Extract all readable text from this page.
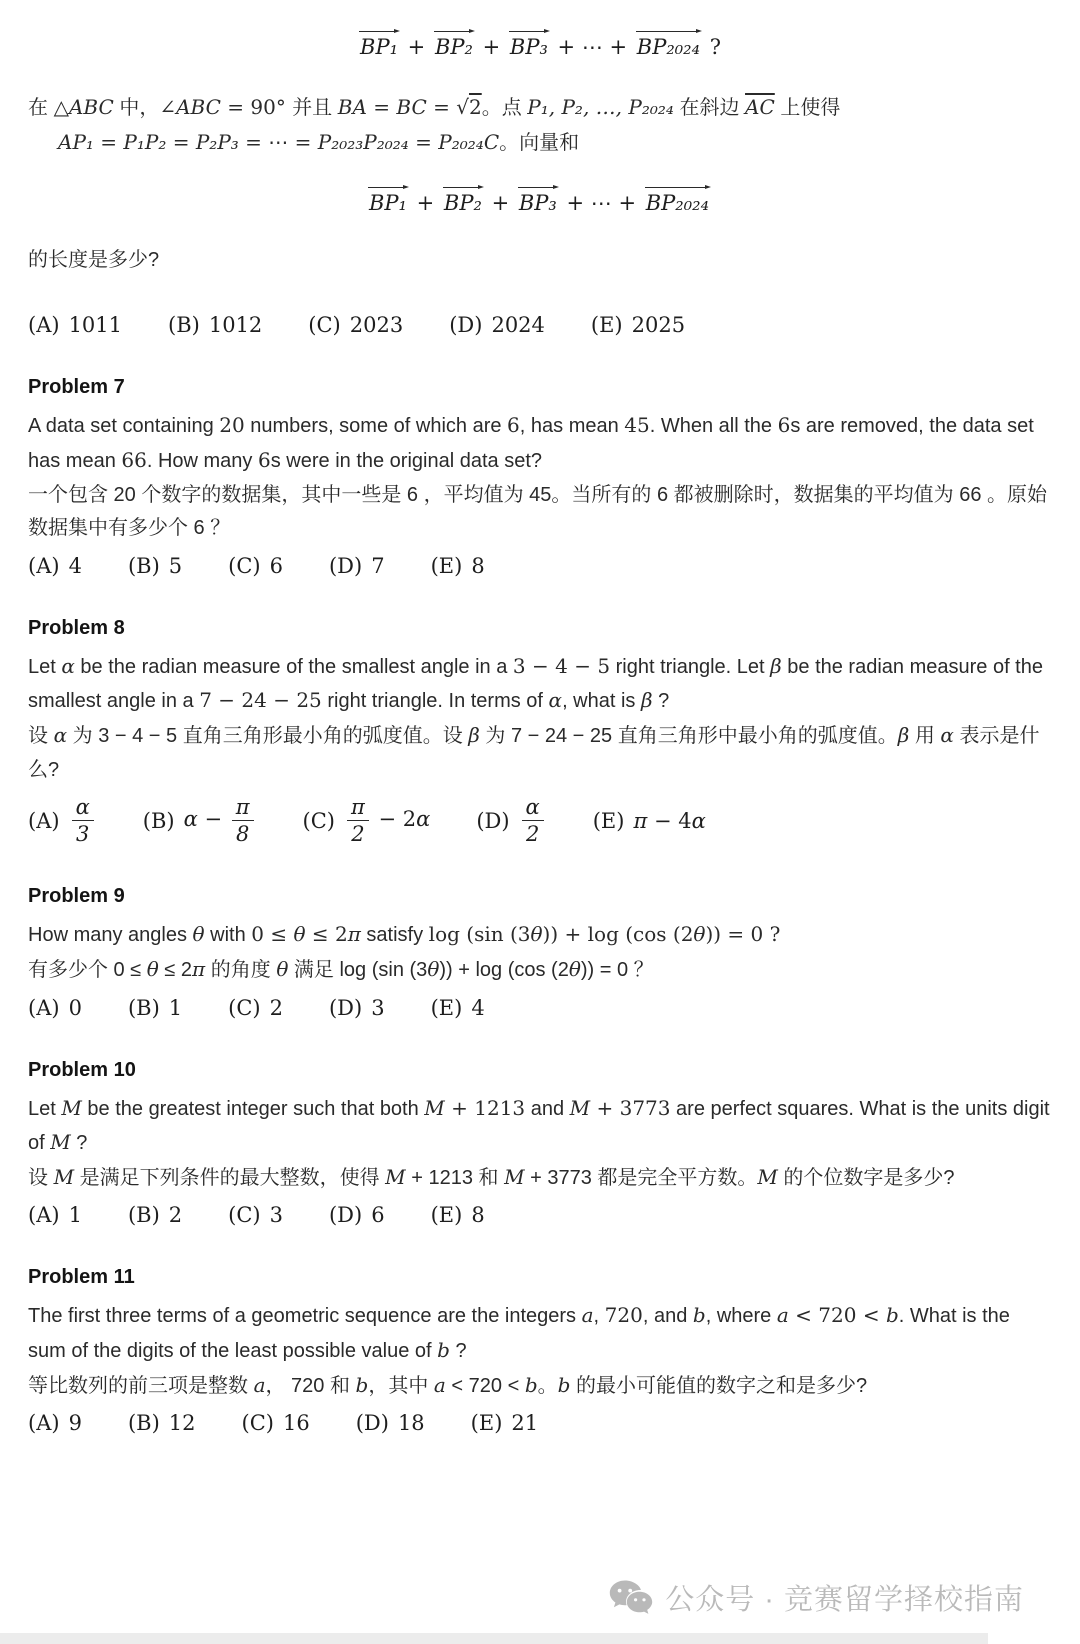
BP₁ + BP₂ + BP₃ + ⋯ + BP₂₀₂₄ ?

在 △ABC 中，∠ABC = 90° 并且 BA = BC = √2。点 P₁, P₂, …, P₂₀₂₄ 在斜边 $\overline{AC}$ 上使得

AP₁ = P₁P₂ = P₂P₃ = ⋯ = P₂₀₂₃P₂₀₂₄ = P₂₀₂₄C。向量和

BP₁ + BP₂ + BP₃ + ⋯ + BP₂₀₂₄

的长度是多少?

(A) 1011 (B) 1012 (C) 2023 (D) 2024 (E) 2025
Problem 7

A data set containing 20 numbers, some of which are 6, has mean 45. When all the 6s are removed, the data set has mean 66. How many 6s were in the original data set?

一个包含 20 个数字的数据集，其中一些是 6 ，平均值为 45。当所有的 6 都被删除时，数据集的平均值为 66 。原始数据集中有多少个 6 ？

(A) 4 (B) 5 (C) 6 (D) 7 (E) 8
Problem 8

Let α be the radian measure of the smallest angle in a 3 − 4 − 5 right triangle. Let β be the radian measure of the smallest angle in a 7 − 24 − 25 right triangle. In terms of α, what is β ?

设 α 为 3 − 4 − 5 直角三角形最小角的弧度值。设 β 为 7 − 24 − 25 直角三角形中最小角的弧度值。β 用 α 表示是什么?

$(A) \frac{\alpha}{3} (B) \alpha - \frac{\pi}{8} (C) \frac{\pi}{2} - 2\alpha$ $(D) \frac{\alpha}{2} (E) \pi - 4\alpha$
Problem 9

How many angles θ with 0 ≤ θ ≤ 2π satisfy log (sin (3θ)) + log (cos (2θ)) = 0 ?

有多少个 0 ≤ θ ≤ 2π 的角度 θ 满足 log (sin (3θ)) + log (cos (2θ)) = 0 ？

(A) 0 (B) 1 (C) 2 (D) 3 (E) 4
Problem 10

Let M be the greatest integer such that both M + 1213 and M + 3773 are perfect squares. What is the units digit of M ?

设 M 是满足下列条件的最大整数，使得 M + 1213 和 M + 3773 都是完全平方数。M 的个位数字是多少?

(A) 1 (B) 2 (C) 3 (D) 6 (E) 8
Problem 11

The first three terms of a geometric sequence are the integers a, 720, and b, where a < 720 < b. What is the sum of the digits of the least possible value of b ?

等比数列的前三项是整数 a， 720 和 b，其中 a < 720 < b。b 的最小可能值的数字之和是多少?

(A) 9 (B) 12 (C) 16 (D) 18 (E) 21
公众号 · 竞赛留学择校指南
